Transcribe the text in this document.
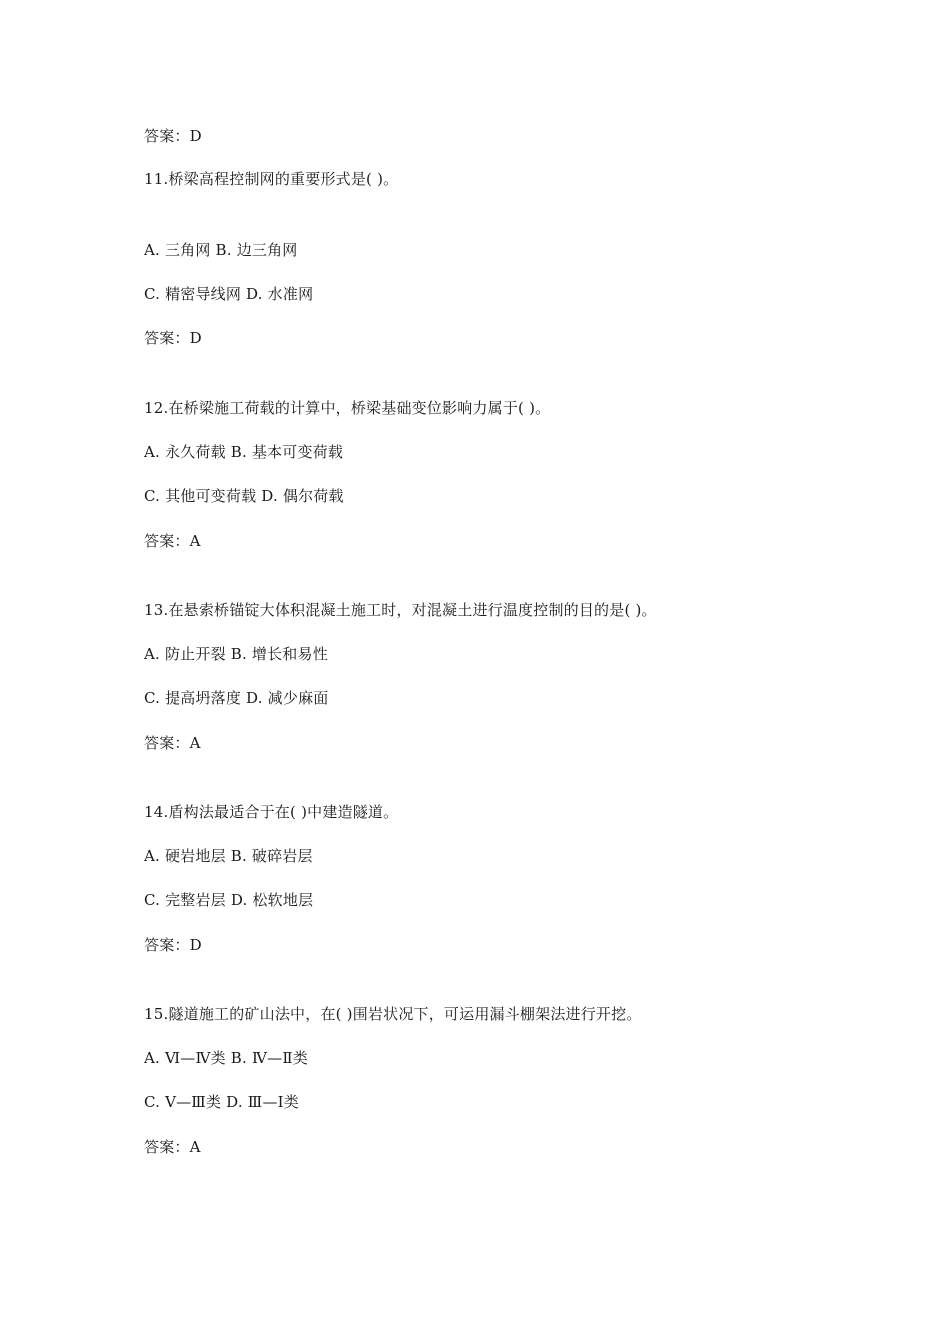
答案：D
11.桥梁高程控制网的重要形式是( )。
A. 三角网 B. 边三角网
C. 精密导线网 D. 水准网
答案：D
12.在桥梁施工荷载的计算中，桥梁基础变位影响力属于( )。
A. 永久荷载 B. 基本可变荷载
C. 其他可变荷载 D. 偶尔荷载
答案：A
13.在悬索桥锚锭大体积混凝土施工时，对混凝土进行温度控制的目的是( )。
A. 防止开裂 B. 增长和易性
C. 提高坍落度 D. 减少麻面
答案：A
14.盾构法最适合于在( )中建造隧道。
A. 硬岩地层 B. 破碎岩层
C. 完整岩层 D. 松软地层
答案：D
15.隧道施工的矿山法中，在( )围岩状况下，可运用漏斗棚架法进行开挖。
A. Ⅵ—Ⅳ类 B. Ⅳ—Ⅱ类
C. Ⅴ—Ⅲ类 D. Ⅲ—Ⅰ类
答案：A
